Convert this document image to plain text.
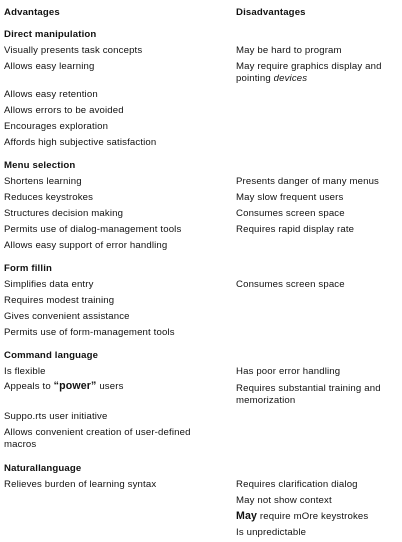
Advantages	Disadvantages
Direct manipulation
Visually presents task concepts
Allows easy learning
Allows easy retention
Allows errors to be avoided
Encourages exploration
Affords high subjective satisfaction
May be hard to program
May require graphics display and
pointing devices
Menu selection
Shortens learning
Reduces keystrokes
Structures decision making
Permits use of dialog-management tools
Allows easy support of error handling
Presents danger of many menus
May slow frequent users
Consumes screen space
Requires rapid display rate
Form fillin
Simplifies data entry
Requires modest training
Gives convenient assistance
Permits use of form-management tools
Consumes screen space
Command language
Is flexible
Appeals to “power” users
Suppo.rts user initiative
Allows convenient creation of user-defined
macros
Has poor error handling
Requires substantial training and
memorization
Naturallanguage
Relieves burden of learning syntax	Requires clarification dialog
May not show context
May require mOre keystrokes
Is unpredictable
